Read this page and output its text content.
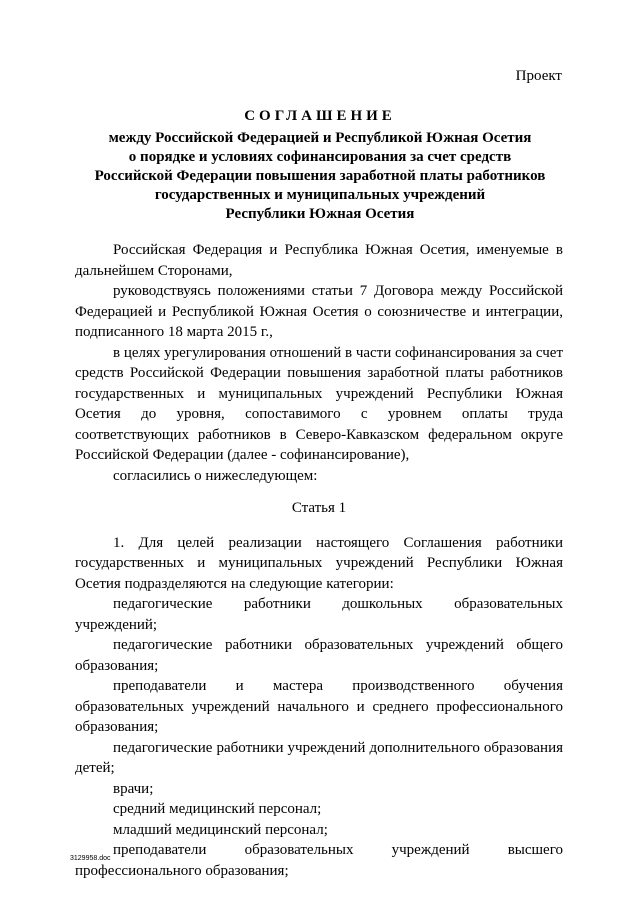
Проект
СОГЛАШЕНИЕ
между Российской Федерацией и Республикой Южная Осетия
о порядке и условиях софинансирования за счет средств
Российской Федерации повышения заработной платы работников
государственных и муниципальных учреждений
Республики Южная Осетия

Российская Федерация и Республика Южная Осетия, именуемые в дальнейшем Сторонами,

руководствуясь положениями статьи 7 Договора между Российской Федерацией и Республикой Южная Осетия о союзничестве и интеграции, подписанного 18 марта 2015 г.,

в целях урегулирования отношений в части софинансирования за счет средств Российской Федерации повышения заработной платы работников государственных и муниципальных учреждений Республики Южная Осетия до уровня, сопоставимого с уровнем оплаты труда соответствующих работников в Северо-Кавказском федеральном округе Российской Федерации (далее - софинансирование),

согласились о нижеследующем:

Статья 1

1. Для целей реализации настоящего Соглашения работники государственных и муниципальных учреждений Республики Южная Осетия подразделяются на следующие категории:

педагогические работники дошкольных образовательных учреждений;

педагогические работники образовательных учреждений общего образования;

преподаватели и мастера производственного обучения образовательных учреждений начального и среднего профессионального образования;

педагогические работники учреждений дополнительного образования детей;

врачи;

средний медицинский персонал;

младший медицинский персонал;

преподаватели образовательных учреждений высшего профессионального образования;

3129958.doc
